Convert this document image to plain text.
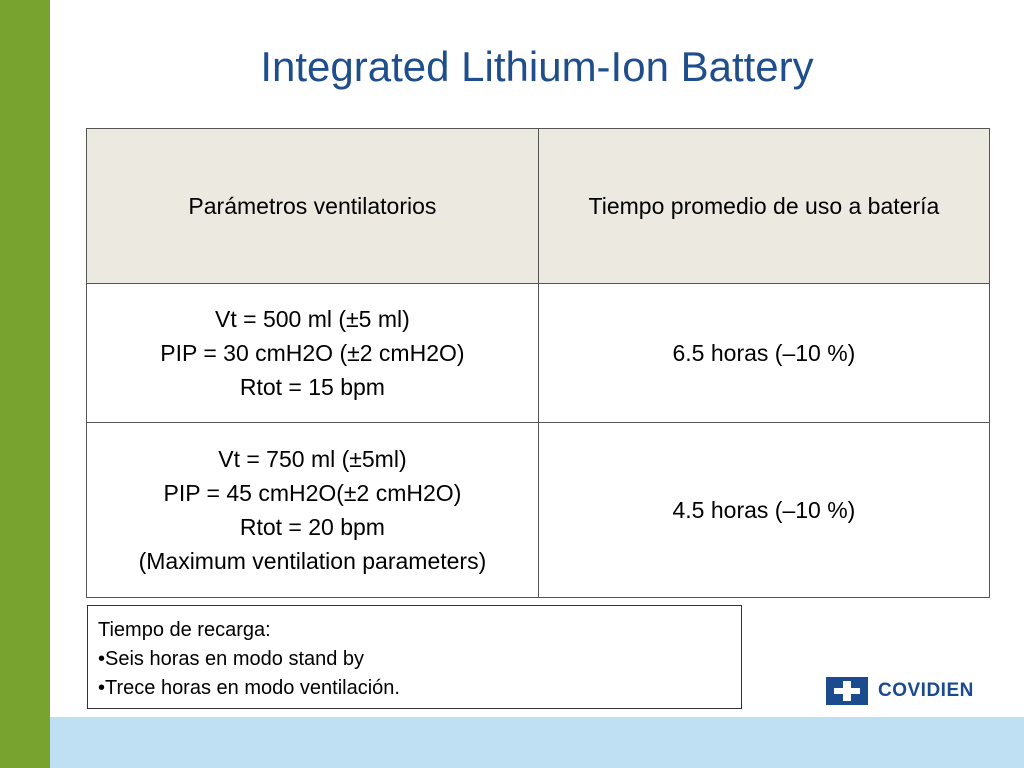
Integrated Lithium-Ion Battery
Parámetros ventilatorios	Tiempo promedio de uso a batería

Vt = 500 ml (±5 ml)
PIP = 30 cmH2O (±2 cmH2O)
Rtot = 15 bpm	6.5 horas (–10 %)

Vt = 750 ml (±5ml)
PIP = 45 cmH2O(±2 cmH2O)
Rtot = 20 bpm
(Maximum ventilation parameters)	4.5 horas (–10 %)
Tiempo de recarga:
•Seis horas en modo stand by
•Trece horas en modo ventilación.	COVIDIEN
